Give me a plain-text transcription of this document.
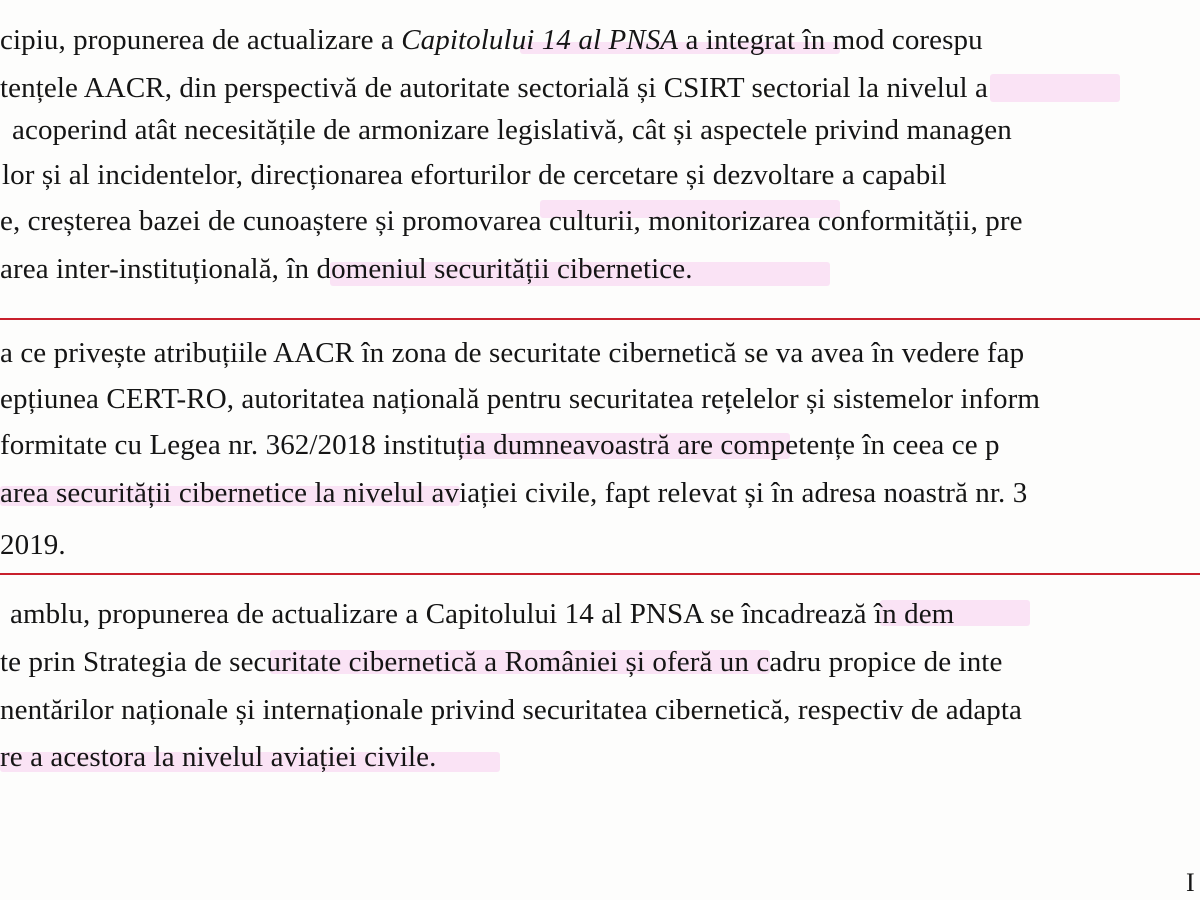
cipiu, propunerea de actualizare a Capitolului 14 al PNSA a integrat în mod corespu
tențele AACR, din perspectivă de autoritate sectorială și CSIRT sectorial la nivelul a
acoperind atât necesitățile de armonizare legislativă, cât și aspectele privind managen
lor și al incidentelor, direcționarea eforturilor de cercetare și dezvoltare a capabil
e, creșterea bazei de cunoaștere și promovarea culturii, monitorizarea conformității, pre
area inter-instituțională, în domeniul securității cibernetice.
a ce privește atribuțiile AACR în zona de securitate cibernetică se va avea în vedere fap
epțiunea CERT-RO, autoritatea națională pentru securitatea rețelelor și sistemelor inform
formitate cu Legea nr. 362/2018 instituția dumneavoastră are competențe în ceea ce p
area securității cibernetice la nivelul aviației civile, fapt relevat și în adresa noastră nr. 3
2019.
amblu, propunerea de actualizare a Capitolului 14 al PNSA se încadrează în dem
te prin Strategia de securitate cibernetică a României și oferă un cadru propice de inte
nentărilor naționale și internaționale privind securitatea cibernetică, respectiv de adapta
re a acestora la nivelul aviației civile.
I
